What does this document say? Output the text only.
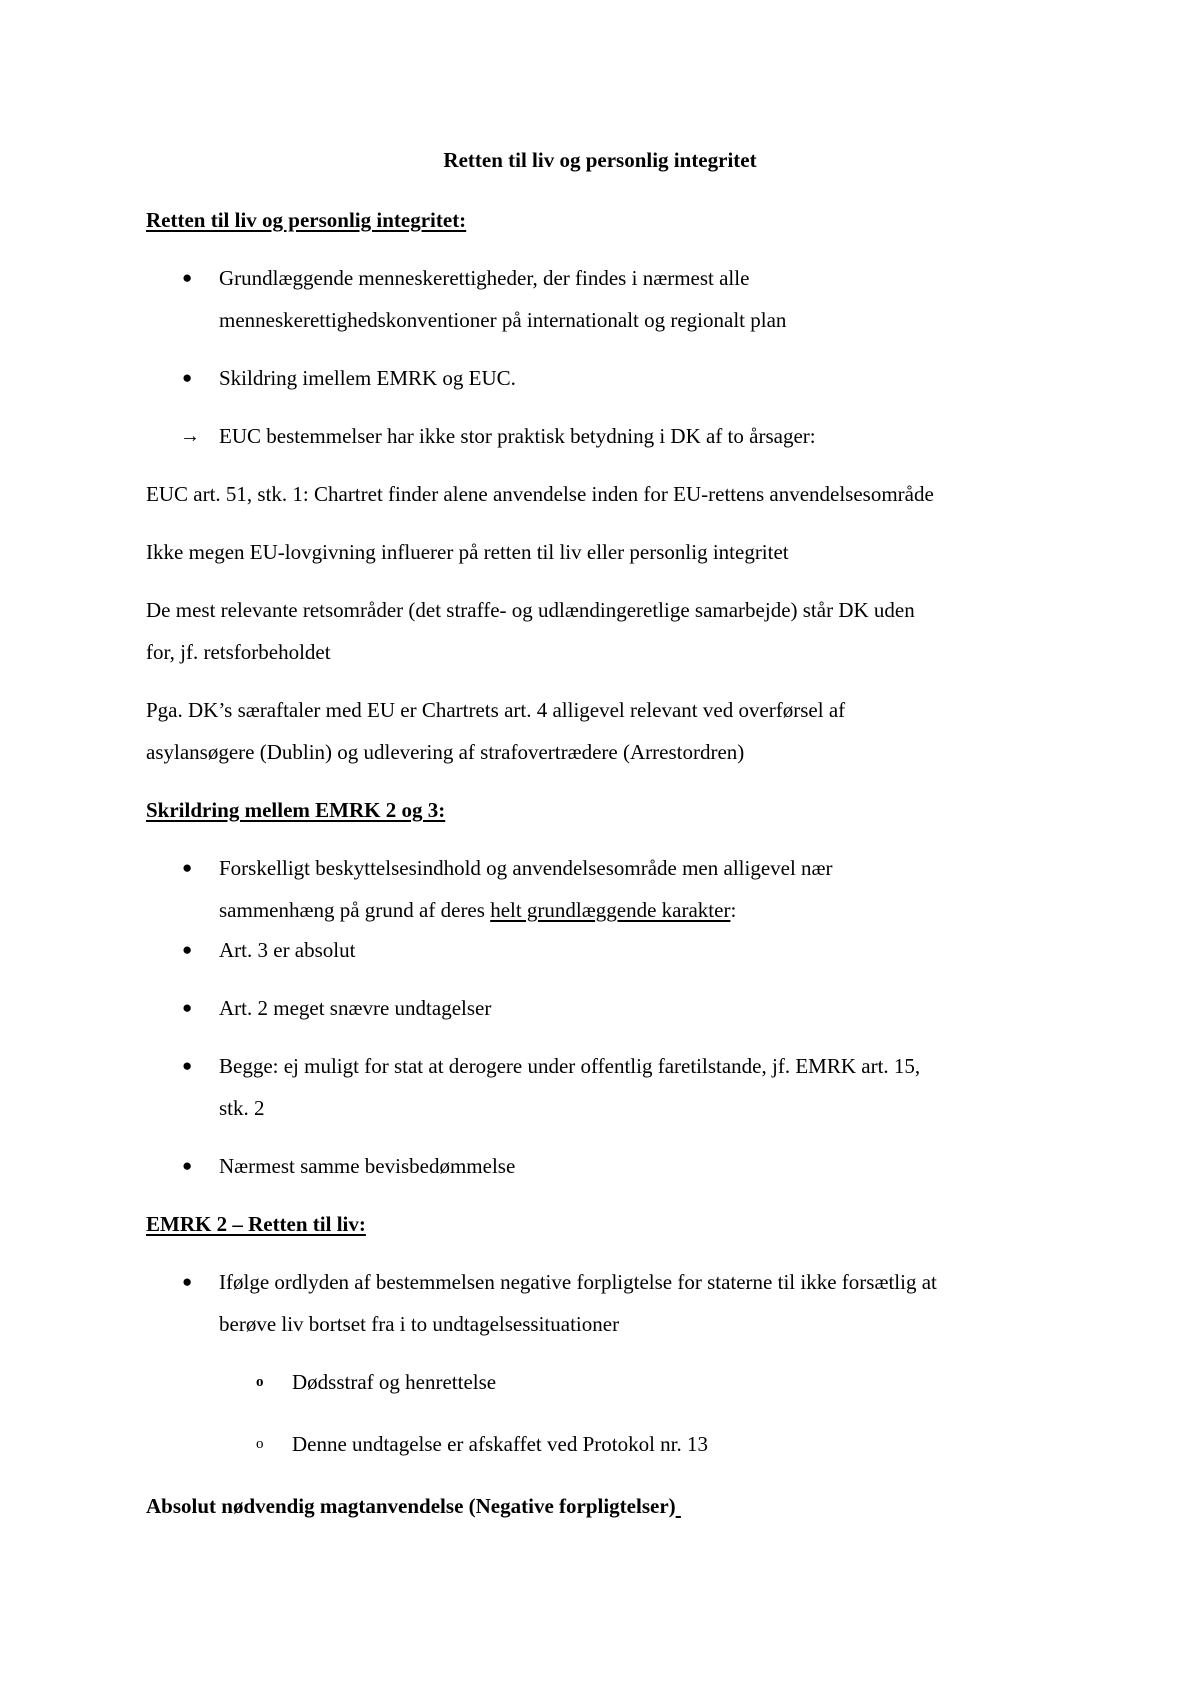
Retten til liv og personlig integritet
Retten til liv og personlig integritet:
● Grundlæggende menneskerettigheder, der findes i nærmest alle
menneskerettighedskonventioner på internationalt og regionalt plan
● Skildring imellem EMRK og EUC.
→ EUC bestemmelser har ikke stor praktisk betydning i DK af to årsager:
EUC art. 51, stk. 1: Chartret finder alene anvendelse inden for EU-rettens anvendelsesområde
Ikke megen EU-lovgivning influerer på retten til liv eller personlig integritet
De mest relevante retsområder (det straffe- og udlændingeretlige samarbejde) står DK uden
for, jf. retsforbeholdet
Pga. DK’s særaftaler med EU er Chartrets art. 4 alligevel relevant ved overførsel af
asylansøgere (Dublin) og udlevering af strafovertrædere (Arrestordren)
Skrildring mellem EMRK 2 og 3:
● Forskelligt beskyttelsesindhold og anvendelsesområde men alligevel nær
sammenhæng på grund af deres helt grundlæggende karakter:
● Art. 3 er absolut
● Art. 2 meget snævre undtagelser
● Begge: ej muligt for stat at derogere under offentlig faretilstande, jf. EMRK art. 15,
stk. 2
● Nærmest samme bevisbedømmelse
EMRK 2 – Retten til liv:
● Ifølge ordlyden af bestemmelsen negative forpligtelse for staterne til ikke forsætlig at
berøve liv bortset fra i to undtagelsessituationer
o Dødsstraf og henrettelse
o Denne undtagelse er afskaffet ved Protokol nr. 13
Absolut nødvendig magtanvendelse (Negative forpligtelser)
